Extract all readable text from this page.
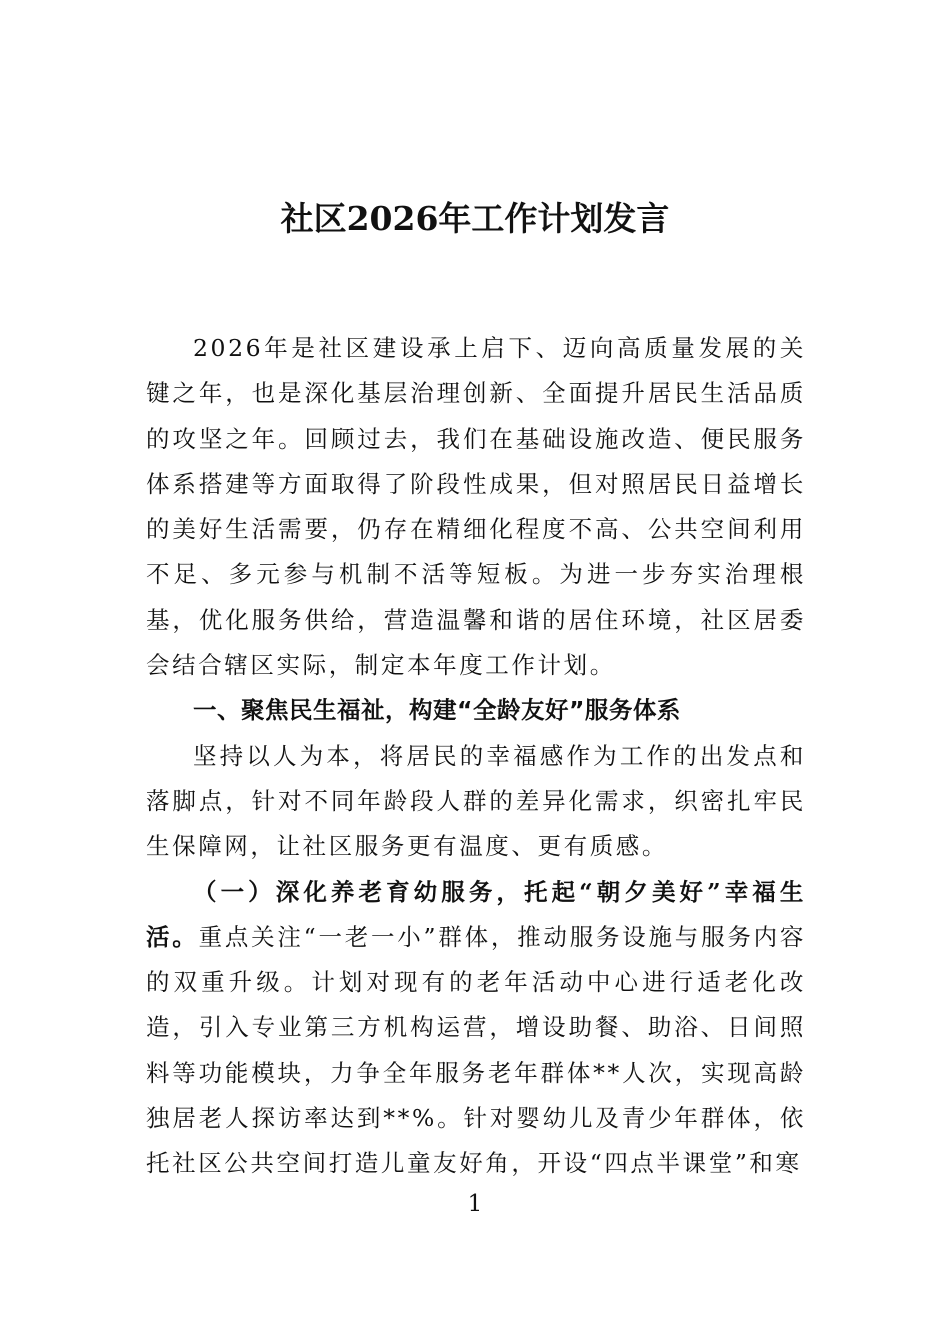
社区2026年工作计划发言

2026年是社区建设承上启下、迈向高质量发展的关键之年，也是深化基层治理创新、全面提升居民生活品质的攻坚之年。回顾过去，我们在基础设施改造、便民服务体系搭建等方面取得了阶段性成果，但对照居民日益增长的美好生活需要，仍存在精细化程度不高、公共空间利用不足、多元参与机制不活等短板。为进一步夯实治理根基，优化服务供给，营造温馨和谐的居住环境，社区居委会结合辖区实际，制定本年度工作计划。

一、聚焦民生福祉，构建“全龄友好”服务体系

坚持以人为本，将居民的幸福感作为工作的出发点和落脚点，针对不同年龄段人群的差异化需求，织密扎牢民生保障网，让社区服务更有温度、更有质感。

（一）深化养老育幼服务，托起“朝夕美好”幸福生活。重点关注“一老一小”群体，推动服务设施与服务内容的双重升级。计划对现有的老年活动中心进行适老化改造，引入专业第三方机构运营，增设助餐、助浴、日间照料等功能模块，力争全年服务老年群体**人次，实现高龄独居老人探访率达到**%。针对婴幼儿及青少年群体，依托社区公共空间打造儿童友好角，开设“四点半课堂”和寒

1
